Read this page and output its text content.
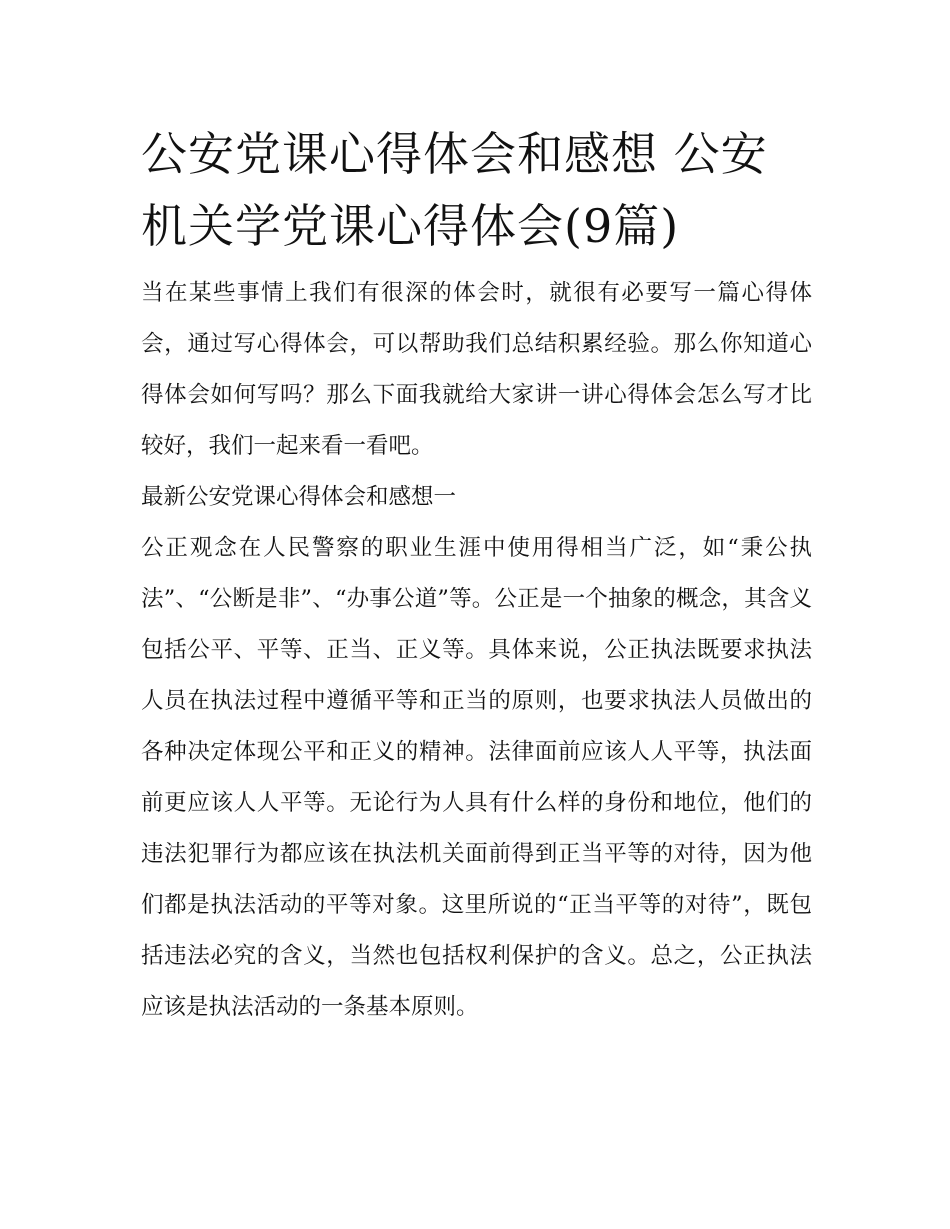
公安党课心得体会和感想 公安机关学党课心得体会(9篇)

当在某些事情上我们有很深的体会时，就很有必要写一篇心得体会，通过写心得体会，可以帮助我们总结积累经验。那么你知道心得体会如何写吗？那么下面我就给大家讲一讲心得体会怎么写才比较好，我们一起来看一看吧。

最新公安党课心得体会和感想一

公正观念在人民警察的职业生涯中使用得相当广泛，如“秉公执法”、“公断是非”、“办事公道”等。公正是一个抽象的概念，其含义包括公平、平等、正当、正义等。具体来说，公正执法既要求执法人员在执法过程中遵循平等和正当的原则，也要求执法人员做出的各种决定体现公平和正义的精神。法律面前应该人人平等，执法面前更应该人人平等。无论行为人具有什么样的身份和地位，他们的违法犯罪行为都应该在执法机关面前得到正当平等的对待，因为他们都是执法活动的平等对象。这里所说的“正当平等的对待”，既包括违法必究的含义，当然也包括权利保护的含义。总之，公正执法应该是执法活动的一条基本原则。
